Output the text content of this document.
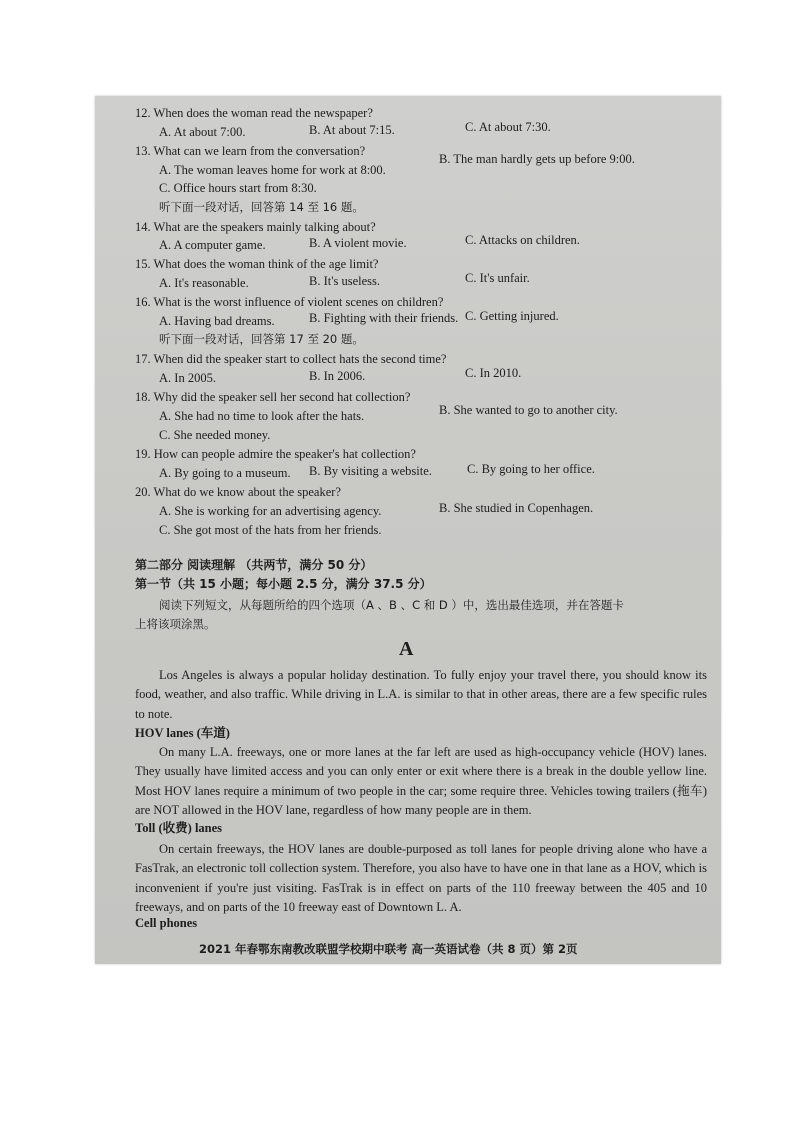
12. When does the woman read the newspaper?
A. At about 7:00.	B. At about 7:15.	C. At about 7:30.
13. What can we learn from the conversation?
A. The woman leaves home for work at 8:00.
B. The man hardly gets up before 9:00.
C. Office hours start from 8:30.
听下面一段对话，回答第 14 至 16 题。
14. What are the speakers mainly talking about?
A. A computer game.	B. A violent movie.	C. Attacks on children.
15. What does the woman think of the age limit?
A. It's reasonable.	B. It's useless.	C. It's unfair.
16. What is the worst influence of violent scenes on children?
A. Having bad dreams.	B. Fighting with their friends. C. Getting injured.
听下面一段对话，回答第 17 至 20 题。
17. When did the speaker start to collect hats the second time?
A. In 2005.	B. In 2006.	C. In 2010.
18. Why did the speaker sell her second hat collection?
A. She had no time to look after the hats.	B. She wanted to go to another city.
C. She needed money.
19. How can people admire the speaker's hat collection?
A. By going to a museum. B. By visiting a website.	C. By going to her office.
20. What do we know about the speaker?
A. She is working for an advertising agency.	B. She studied in Copenhagen.
C. She got most of the hats from her friends.
第二部分 阅读理解 （共两节，满分 50 分）
第一节（共 15 小题；每小题 2.5 分，满分 37.5 分）
阅读下列短文，从每题所给的四个选项（A 、B 、C 和 D ）中，选出最佳选项，并在答题卡
上将该项涂黑。
A
Los Angeles is always a popular holiday destination. To fully enjoy your travel there, you should know its food, weather, and also traffic. While driving in L.A. is similar to that in other areas, there are a few specific rules to note.
HOV lanes (车道)
On many L.A. freeways, one or more lanes at the far left are used as high-occupancy vehicle (HOV) lanes. They usually have limited access and you can only enter or exit where there is a break in the double yellow line. Most HOV lanes require a minimum of two people in the car; some require three. Vehicles towing trailers (拖车) are NOT allowed in the HOV lane, regardless of how many people are in them.
Toll (收费) lanes
On certain freeways, the HOV lanes are double-purposed as toll lanes for people driving alone who have a FasTrak, an electronic toll collection system. Therefore, you also have to have one in that lane as a HOV, which is inconvenient if you're just visiting. FasTrak is in effect on parts of the 110 freeway between the 405 and 10 freeways, and on parts of the 10 freeway east of Downtown L. A.
Cell phones
2021 年春鄂东南教改联盟学校期中联考 高一英语试卷（共 8 页）第 2页
